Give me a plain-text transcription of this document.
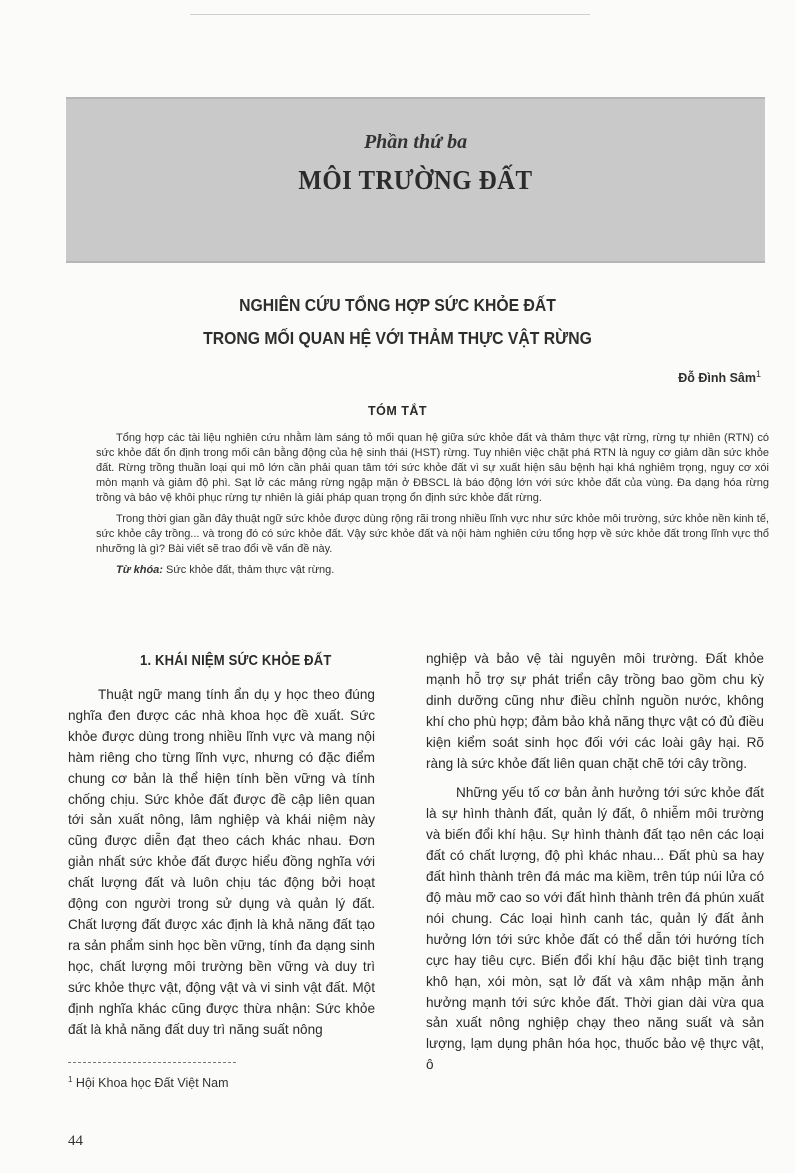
Phần thứ ba
MÔI TRƯỜNG ĐẤT
NGHIÊN CỨU TỔNG HỢP SỨC KHỎE ĐẤT
TRONG MỐI QUAN HỆ VỚI THẢM THỰC VẬT RỪNG
Đỗ Đình Sâm$^1$
TÓM TẮT

Tổng hợp các tài liệu nghiên cứu nhằm làm sáng tỏ mối quan hệ giữa sức khỏe đất và thảm thực vật rừng, rừng tự nhiên (RTN) có sức khỏe đất ổn định trong mối cân bằng động của hệ sinh thái (HST) rừng. Tuy nhiên việc chặt phá RTN là nguy cơ giảm dần sức khỏe đất. Rừng trồng thuần loại qui mô lớn cần phải quan tâm tới sức khỏe đất vì sự xuất hiện sâu bệnh hại khá nghiêm trọng, nguy cơ xói mòn mạnh và giảm độ phì. Sạt lở các mảng rừng ngập mặn ở ĐBSCL là báo động lớn với sức khỏe đất của vùng. Đa dạng hóa rừng trồng và bảo vệ khôi phục rừng tự nhiên là giải pháp quan trọng ổn định sức khỏe đất rừng.

Trong thời gian gần đây thuật ngữ sức khỏe được dùng rộng rãi trong nhiều lĩnh vực như sức khỏe môi trường, sức khỏe nền kinh tế, sức khỏe cây trồng... và trong đó có sức khỏe đất. Vậy sức khỏe đất và nội hàm nghiên cứu tổng hợp về sức khỏe đất trong lĩnh vực thổ nhưỡng là gì? Bài viết sẽ trao đổi về vấn đề này.

Từ khóa: Sức khỏe đất, thảm thực vật rừng.

1. KHÁI NIỆM SỨC KHỎE ĐẤT

Thuật ngữ mang tính ẩn dụ y học theo đúng nghĩa đen được các nhà khoa học đề xuất. Sức khỏe được dùng trong nhiều lĩnh vực và mang nội hàm riêng cho từng lĩnh vực, nhưng có đặc điểm chung cơ bản là thể hiện tính bền vững và tính chống chịu. Sức khỏe đất được đề cập liên quan tới sản xuất nông, lâm nghiệp và khái niệm này cũng được diễn đạt theo cách khác nhau. Đơn giản nhất sức khỏe đất được hiểu đồng nghĩa với chất lượng đất và luôn chịu tác động bởi hoạt động con người trong sử dụng và quản lý đất. Chất lượng đất được xác định là khả năng đất tạo ra sản phẩm sinh học bền vững, tính đa dạng sinh học, chất lượng môi trường bền vững và duy trì sức khỏe thực vật, động vật và vi sinh vật đất. Một định nghĩa khác cũng được thừa nhận: Sức khỏe đất là khả năng đất duy trì năng suất nông

nghiệp và bảo vệ tài nguyên môi trường. Đất khỏe mạnh hỗ trợ sự phát triển cây trồng bao gồm chu kỳ dinh dưỡng cũng như điều chỉnh nguồn nước, không khí cho phù hợp; đảm bảo khả năng thực vật có đủ điều kiện kiểm soát sinh học đối với các loài gây hại. Rõ ràng là sức khỏe đất liên quan chặt chẽ tới cây trồng.

Những yếu tố cơ bản ảnh hưởng tới sức khỏe đất là sự hình thành đất, quản lý đất, ô nhiễm môi trường và biến đổi khí hậu. Sự hình thành đất tạo nên các loại đất có chất lượng, độ phì khác nhau... Đất phù sa hay đất hình thành trên đá mác ma kiềm, trên túp núi lửa có độ màu mỡ cao so với đất hình thành trên đá phún xuất nói chung. Các loại hình canh tác, quản lý đất ảnh hưởng lớn tới sức khỏe đất có thể dẫn tới hướng tích cực hay tiêu cực. Biến đổi khí hậu đặc biệt tình trạng khô hạn, xói mòn, sạt lở đất và xâm nhập mặn ảnh hưởng mạnh tới sức khỏe đất. Thời gian dài vừa qua sản xuất nông nghiệp chạy theo năng suất và sản lượng, lạm dụng phân hóa học, thuốc bảo vệ thực vật, ô

$^1$ Hội Khoa học Đất Việt Nam
44
